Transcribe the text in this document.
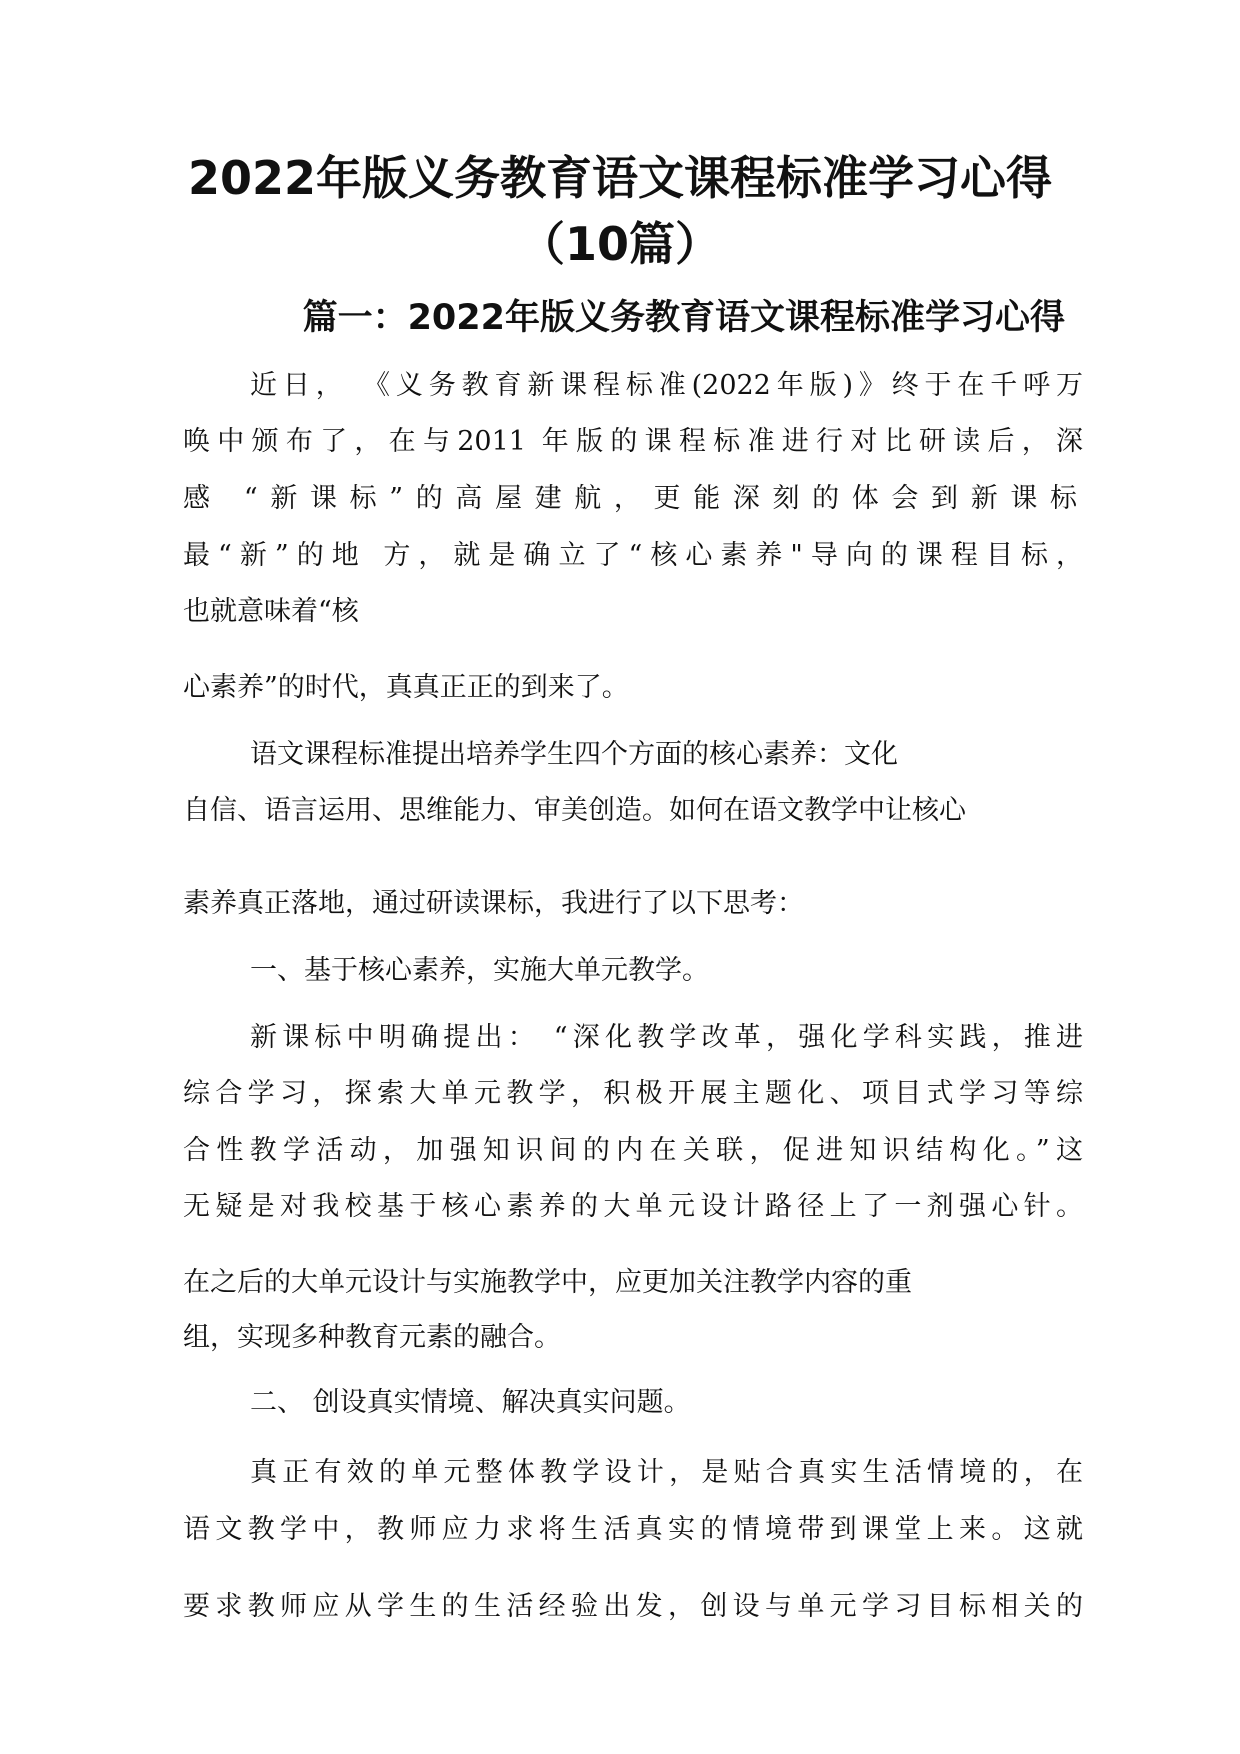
2022年版义务教育语文课程标准学习心得
（10篇）
篇一：2022年版义务教育语文课程标准学习心得

近日， 《义务教育新课程标准(2022年版)》终于在千呼万

唤中颁布了，在与2011 年版的课程标准进行对比研读后，深

感 “新课标”的高屋建航，更能深刻的体会到新课标

最“新”的地 方，就是确立了“核心素养"导向的课程目标，

也就意味着“核

心素养”的时代，真真正正的到来了。

语文课程标准提出培养学生四个方面的核心素养：文化

自信、语言运用、思维能力、审美创造。如何在语文教学中让核心

素养真正落地，通过研读课标，我进行了以下思考：

一、基于核心素养，实施大单元教学。

新课标中明确提出： “深化教学改革，强化学科实践，推进

综合学习，探索大单元教学，积极开展主题化、项目式学习等综

合性教学活动，加强知识间的内在关联，促进知识结构化。”这

无疑是对我校基于核心素养的大单元设计路径上了一剂强心针。

在之后的大单元设计与实施教学中，应更加关注教学内容的重

组，实现多种教育元素的融合。

二、 创设真实情境、解决真实问题。

真正有效的单元整体教学设计，是贴合真实生活情境的，在

语文教学中，教师应力求将生活真实的情境带到课堂上来。这就

要求教师应从学生的生活经验出发，创设与单元学习目标相关的
